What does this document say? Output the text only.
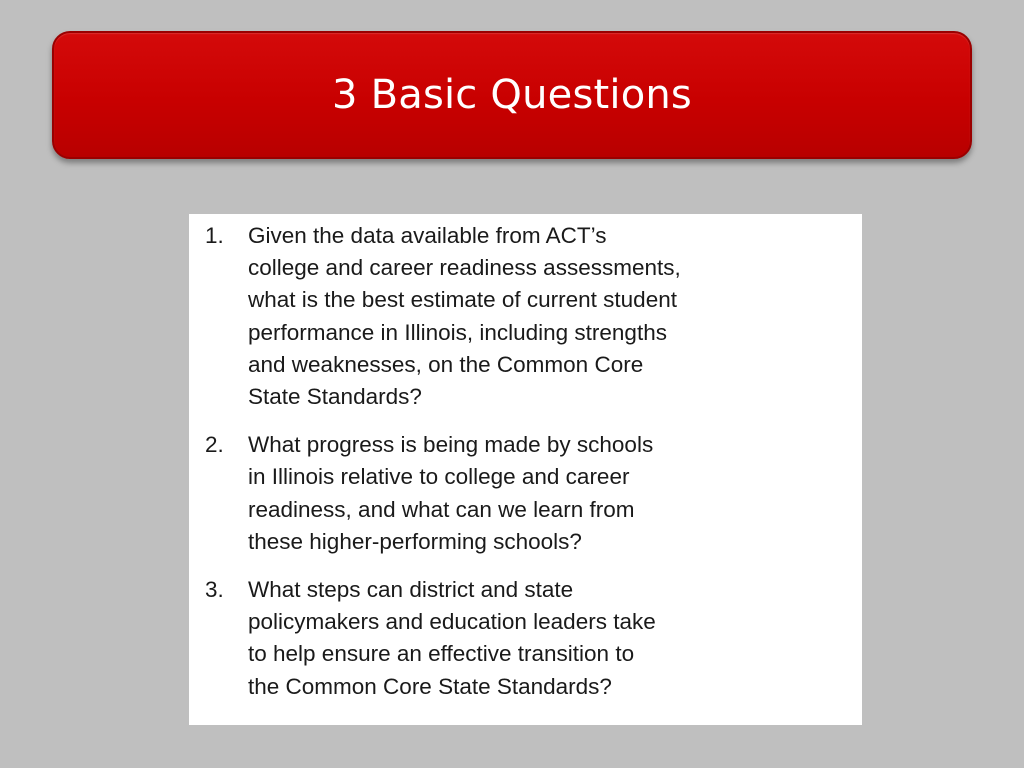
3 Basic Questions
1.	Given the data available from ACT’s
college and career readiness assessments,
what is the best estimate of current student
performance in Illinois, including strengths
and weaknesses, on the Common Core
State Standards?
2.	What progress is being made by schools
in Illinois relative to college and career
readiness, and what can we learn from
these higher-performing schools?
3.	What steps can district and state
policymakers and education leaders take
to help ensure an effective transition to
the Common Core State Standards?
